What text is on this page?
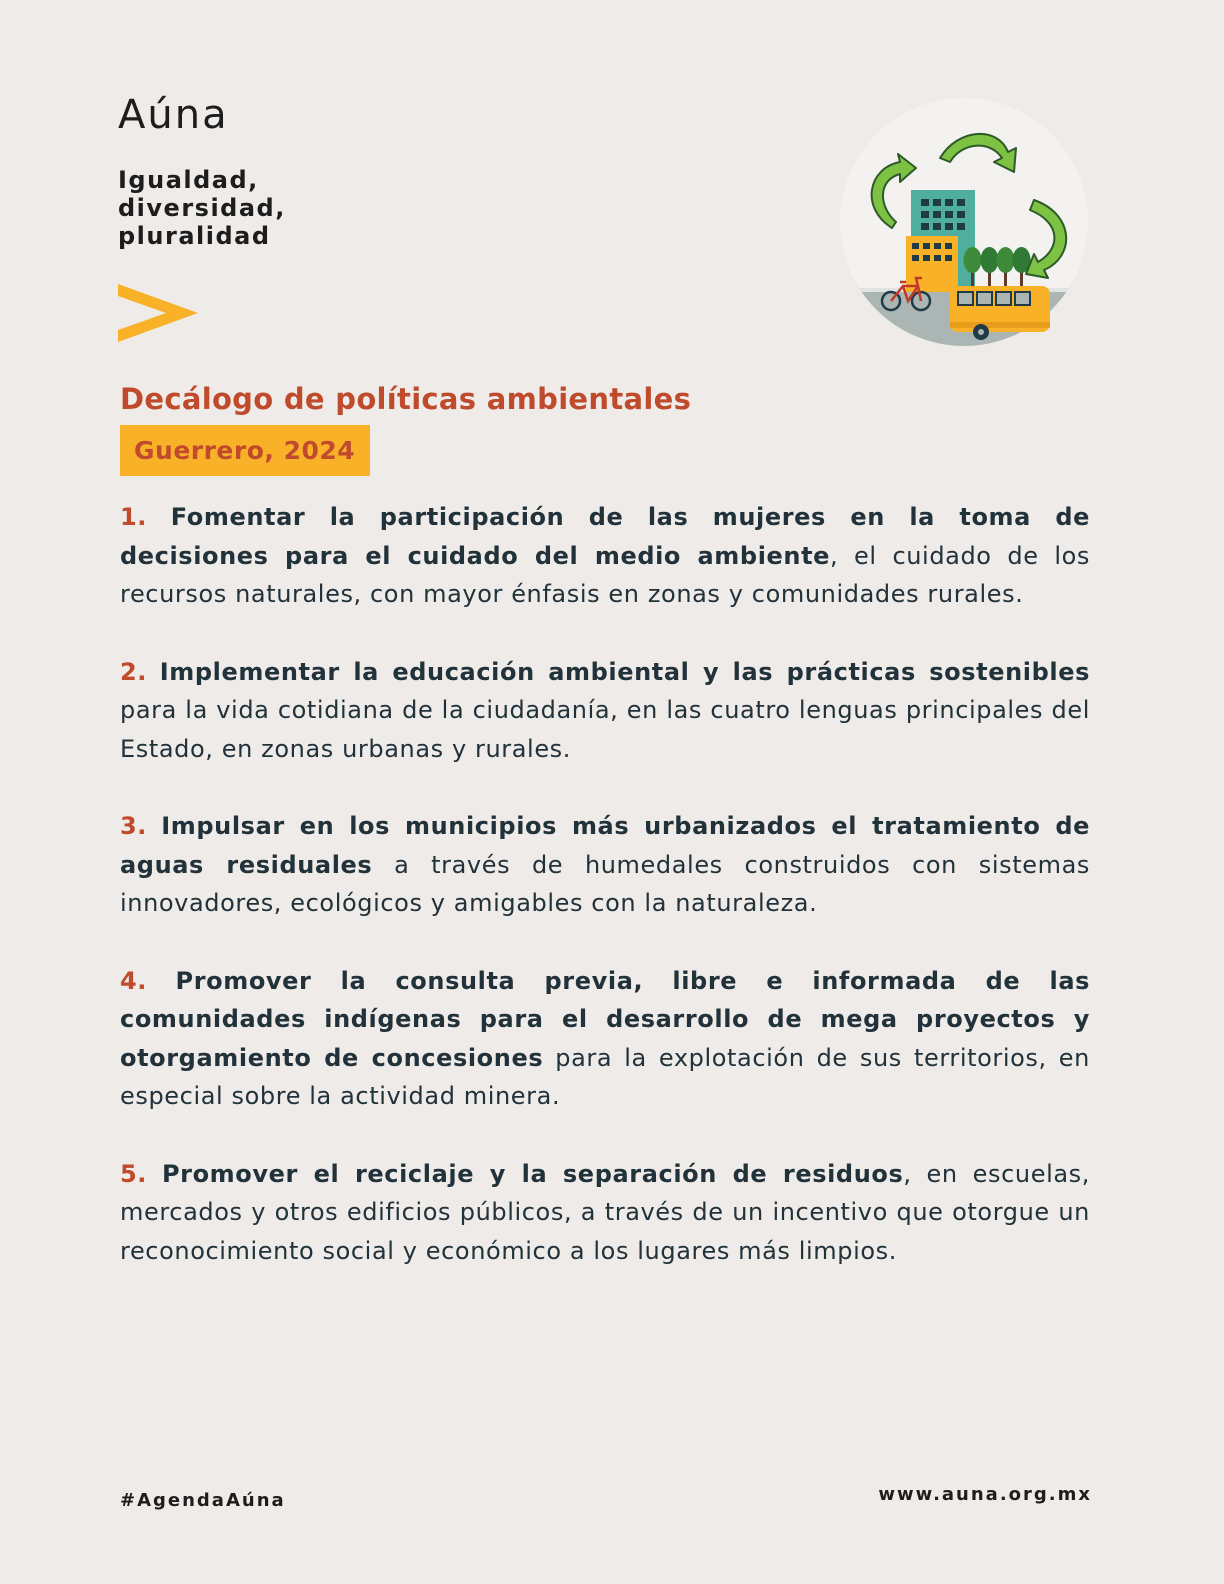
Aúna
Igualdad,
diversidad,
pluralidad
Decálogo de políticas ambientales
Guerrero, 2024

1. Fomentar la participación de las mujeres en la toma de decisiones para el cuidado del medio ambiente, el cuidado de los recursos naturales, con mayor énfasis en zonas y comunidades rurales.

2. Implementar la educación ambiental y las prácticas sostenibles para la vida cotidiana de la ciudadanía, en las cuatro lenguas principales del Estado, en zonas urbanas y rurales.

3. Impulsar en los municipios más urbanizados el tratamiento de aguas residuales a través de humedales construidos con sistemas innovadores, ecológicos y amigables con la naturaleza.

4. Promover la consulta previa, libre e informada de las comunidades indígenas para el desarrollo de mega proyectos y otorgamiento de concesiones para la explotación de sus territorios, en especial sobre la actividad minera.

5. Promover el reciclaje y la separación de residuos, en escuelas, mercados y otros edificios públicos, a través de un incentivo que otorgue un reconocimiento social y económico a los lugares más limpios.

#AgendaAúna	www.auna.org.mx
